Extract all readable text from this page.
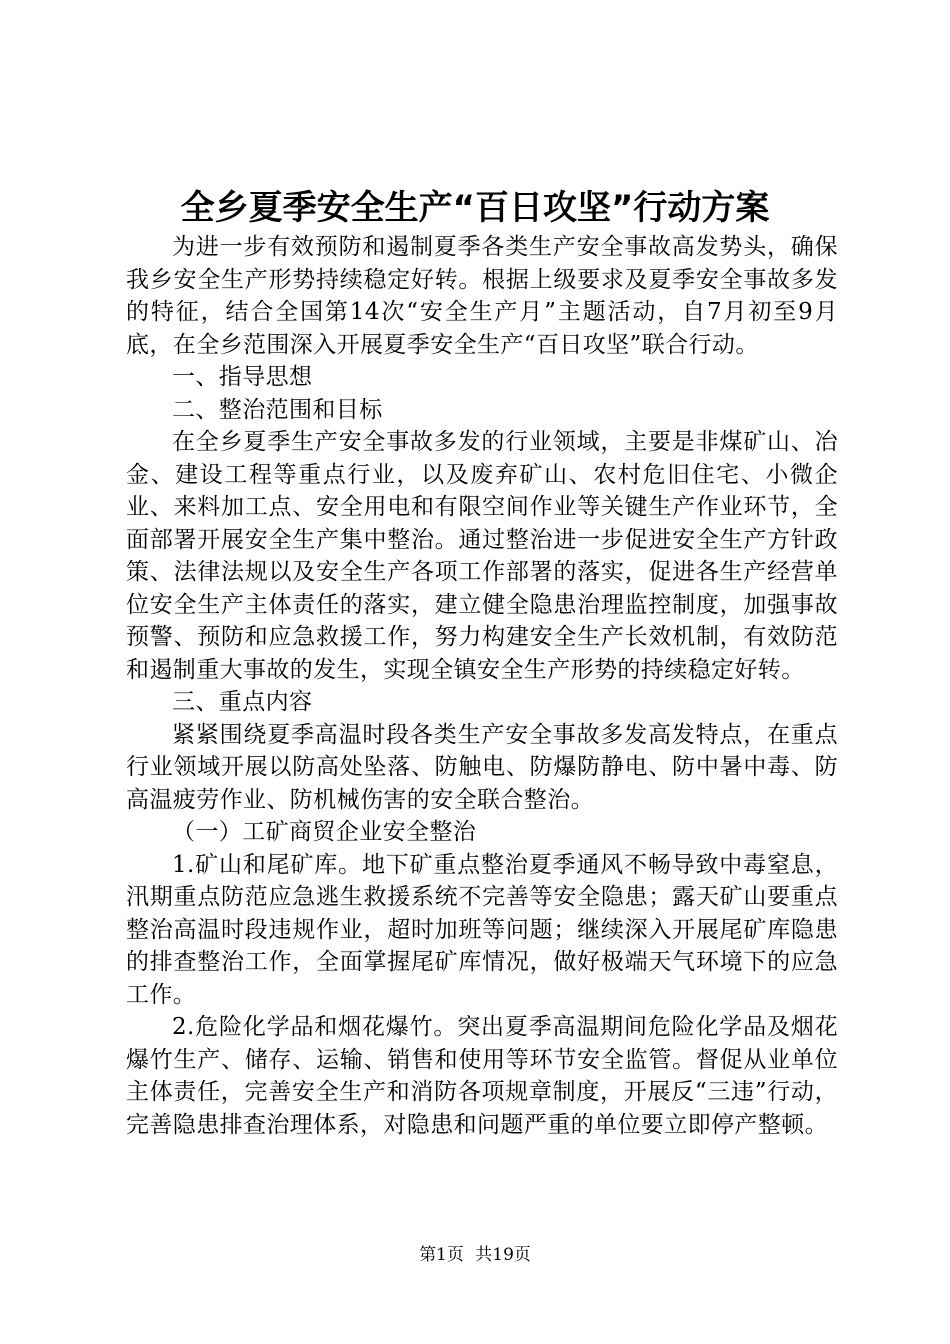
全乡夏季安全生产“百日攻坚”行动方案

为进一步有效预防和遏制夏季各类生产安全事故高发势头，确保我乡安全生产形势持续稳定好转。根据上级要求及夏季安全事故多发的特征，结合全国第14次“安全生产月”主题活动，自7月初至9月底，在全乡范围深入开展夏季安全生产“百日攻坚”联合行动。

一、指导思想

二、整治范围和目标

在全乡夏季生产安全事故多发的行业领域，主要是非煤矿山、冶金、建设工程等重点行业，以及废弃矿山、农村危旧住宅、小微企业、来料加工点、安全用电和有限空间作业等关键生产作业环节，全面部署开展安全生产集中整治。通过整治进一步促进安全生产方针政策、法律法规以及安全生产各项工作部署的落实，促进各生产经营单位安全生产主体责任的落实，建立健全隐患治理监控制度，加强事故预警、预防和应急救援工作，努力构建安全生产长效机制，有效防范和遏制重大事故的发生，实现全镇安全生产形势的持续稳定好转。

三、重点内容

紧紧围绕夏季高温时段各类生产安全事故多发高发特点，在重点行业领域开展以防高处坠落、防触电、防爆防静电、防中暑中毒、防高温疲劳作业、防机械伤害的安全联合整治。

（一）工矿商贸企业安全整治

1.矿山和尾矿库。地下矿重点整治夏季通风不畅导致中毒窒息，汛期重点防范应急逃生救援系统不完善等安全隐患；露天矿山要重点整治高温时段违规作业，超时加班等问题；继续深入开展尾矿库隐患的排查整治工作，全面掌握尾矿库情况，做好极端天气环境下的应急工作。

2.危险化学品和烟花爆竹。突出夏季高温期间危险化学品及烟花爆竹生产、储存、运输、销售和使用等环节安全监管。督促从业单位主体责任，完善安全生产和消防各项规章制度，开展反“三违”行动，完善隐患排查治理体系，对隐患和问题严重的单位要立即停产整顿。

第1页 共19页
